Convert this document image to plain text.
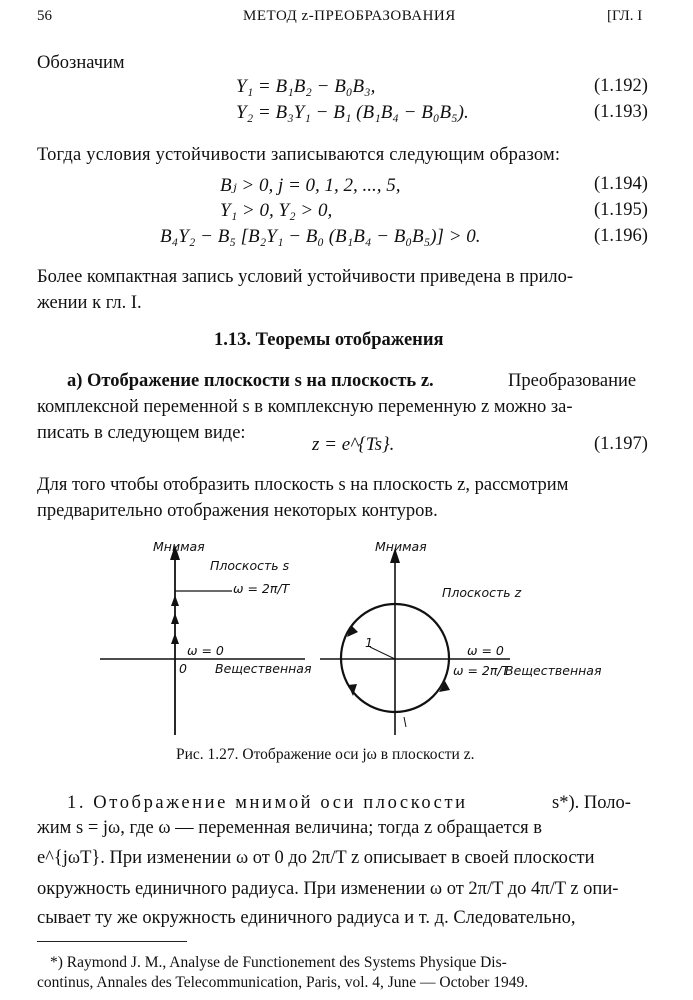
56	МЕТОД z-ПРЕОБРАЗОВАНИЯ	[ГЛ. I
Обозначим
Y₁ = B₁B₂ − B₀B₃,	(1.192)
Y₂ = B₃Y₁ − B₁ (B₁B₄ − B₀B₅).	(1.193)
Тогда условия устойчивости записываются следующим образом:
Bⱼ > 0, j = 0, 1, 2, ..., 5,	(1.194)
Y₁ > 0, Y₂ > 0,	(1.195)
B₄Y₂ − B₅ [B₂Y₁ − B₀ (B₁B₄ − B₀B₅)] > 0.	(1.196)
Более компактная запись условий устойчивости приведена в прило-
жении к гл. I.
1.13. Теоремы отображения
а) Отображение плоскости s на плоскость z.	Преобразование
комплексной переменной s в комплексную переменную z можно за-
писать в следующем виде:
z = e^{Ts}.	(1.197)
Для того чтобы отобразить плоскость s на плоскость z, рассмотрим
предварительно отображения некоторых контуров.
Мнимая
Плоскость s
ω = 2π/T
ω = 0
0 Вещественная
Мнимая
Плоскость z
1
ω = 0
ω = 2π/T
Вещественная
Рис. 1.27. Отображение оси jω в плоскости z.
1. Отображение мнимой оси плоскости	s*). Поло-
жим s = jω, где ω — переменная величина; тогда z обращается в
e^{jωT}. При изменении ω от 0 до 2π/T z описывает в своей плоскости
окружность единичного радиуса. При изменении ω от 2π/T до 4π/T z опи-
сывает ту же окружность единичного радиуса и т. д. Следовательно,
*) Raymond J. M., Analyse de Functionement des Systems Physique Dis-
continus, Annales des Telecommunication, Paris, vol. 4, June — October 1949.
